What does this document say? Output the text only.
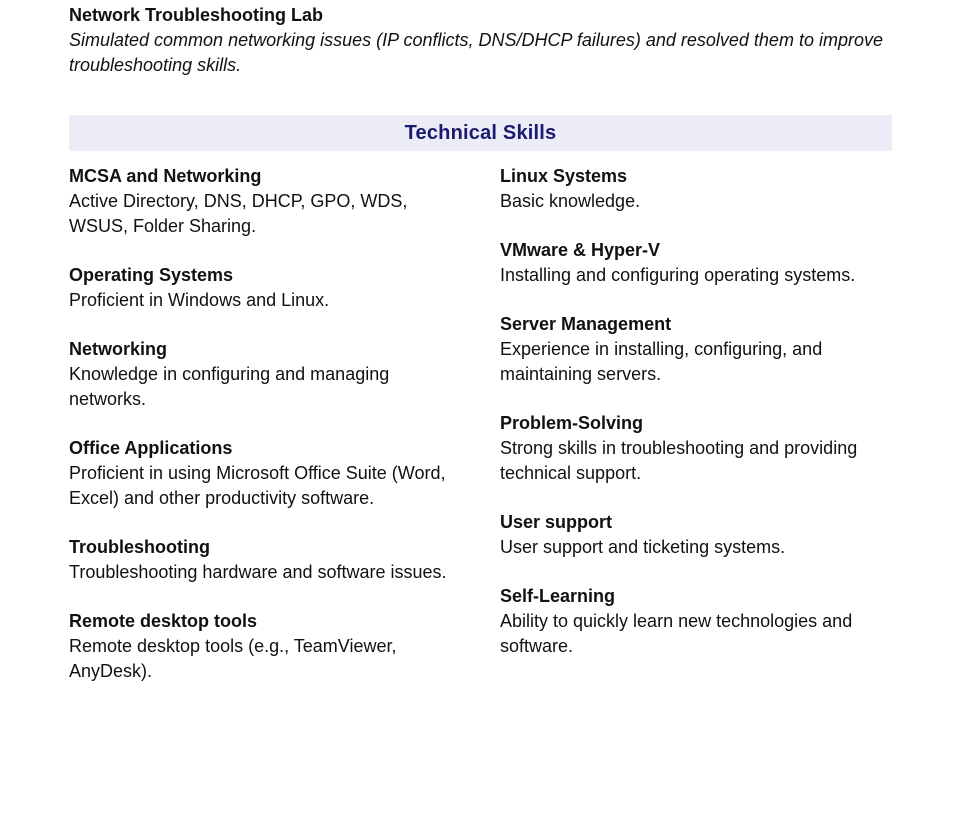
Network Troubleshooting Lab

Simulated common networking issues (IP conflicts, DNS/DHCP failures) and resolved them to improve troubleshooting skills.

Technical Skills
MCSA and Networking
Active Directory, DNS, DHCP, GPO, WDS, WSUS, Folder Sharing.
Operating Systems
Proficient in Windows and Linux.
Networking
Knowledge in configuring and managing networks.
Office Applications
Proficient in using Microsoft Office Suite (Word, Excel) and other productivity software.
Troubleshooting
Troubleshooting hardware and software issues.
Remote desktop tools
Remote desktop tools (e.g., TeamViewer, AnyDesk).
Linux Systems
Basic knowledge.
VMware & Hyper-V
Installing and configuring operating systems.
Server Management
Experience in installing, configuring, and maintaining servers.
Problem-Solving
Strong skills in troubleshooting and providing technical support.
User support
User support and ticketing systems.
Self-Learning
Ability to quickly learn new technologies and software.
